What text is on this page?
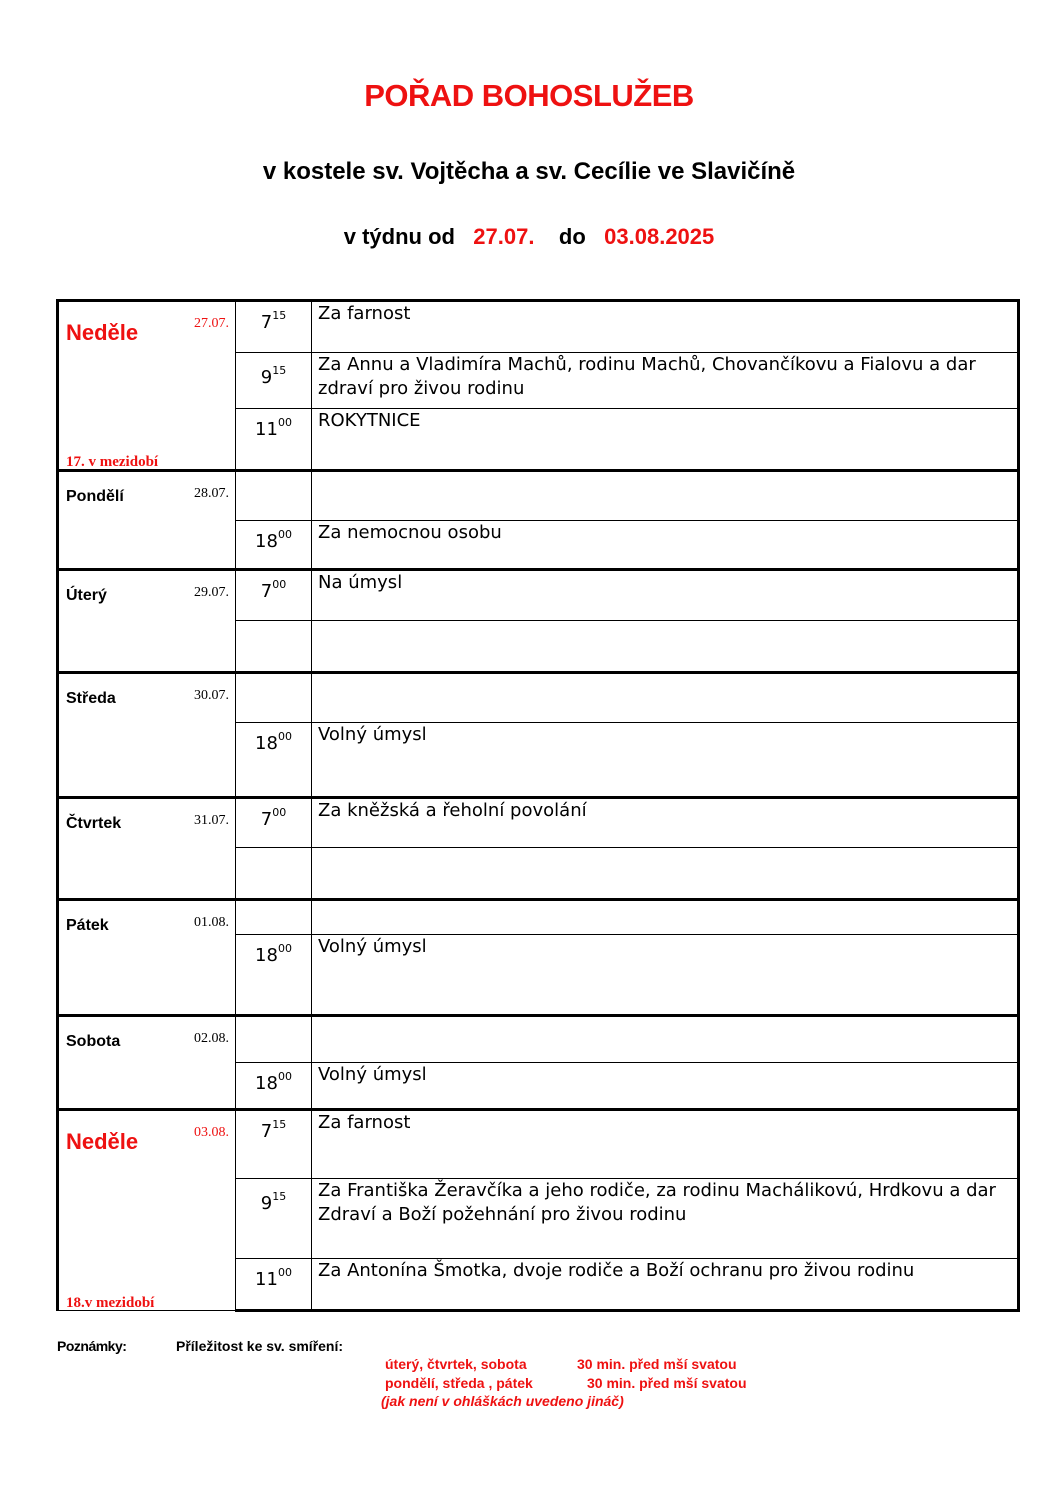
POŘAD BOHOSLUŽEB
v kostele sv. Vojtěcha a sv. Cecílie ve Slavičíně
v týdnu od 27.07. do 03.08.2025
Neděle 27.07.
17. v mezidobí	$7^{15}$	Za farnost
	$9^{15}$	Za Annu a Vladimíra Machů, rodinu Machů, Chovančíkovu a Fialovu a dar zdraví pro živou rodinu
	$11^{00}$	ROKYTNICE

Pondělí 28.07.		

	$18^{00}$	Za nemocnou osobu

Úterý 29.07.	$7^{00}$	Na úmysl

Středa 30.07.		

	$18^{00}$	Volný úmysl

Čtvrtek 31.07.	$7^{00}$	Za kněžská a řeholní povolání

Pátek 01.08.		

	$18^{00}$	Volný úmysl

Sobota 02.08.		

	$18^{00}$	Volný úmysl

Neděle 03.08.
18.v mezidobí	$7^{15}$	Za farnost
	$9^{15}$	Za Františka Žeravčíka a jeho rodiče, za rodinu Machálikovú, Hrdkovu a dar Zdraví a Boží požehnání pro živou rodinu
	$11^{00}$	Za Antonína Šmotka, dvoje rodiče a Boží ochranu pro živou rodinu
Poznámky:	Příležitost ke sv. smíření:
úterý, čtvrtek, sobota	30 min. před mší svatou
pondělí, středa , pátek	30 min. před mší svatou
(jak není v ohláškách uvedeno jináč)
